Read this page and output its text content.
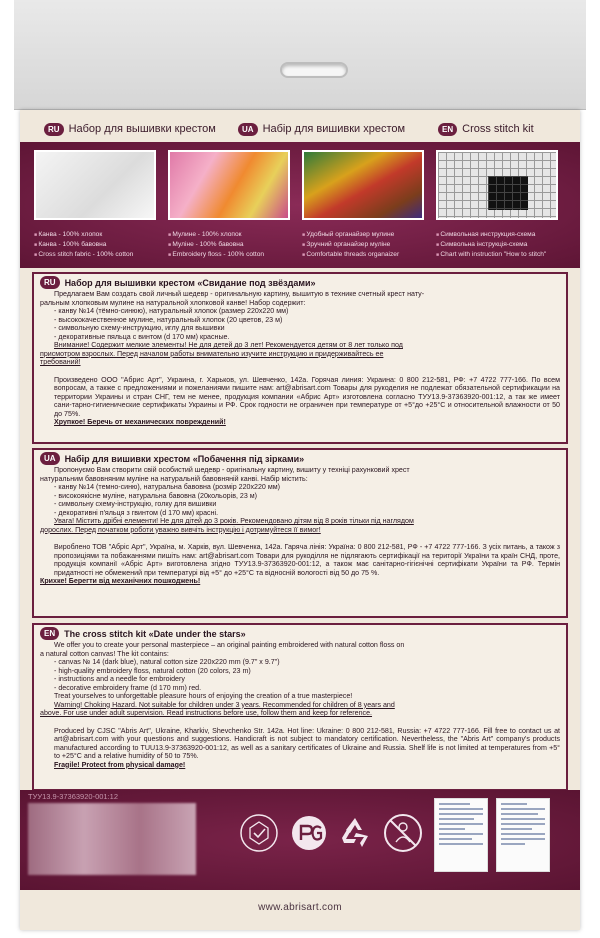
RU Набор для вышивки крестом	UA Набір для вишивки хрестом	EN Cross stitch kit
■ Канва - 100% хлопок
■ Канва - 100% бавовна
■ Cross stitch fabric - 100% cotton
■ Мулине - 100% хлопок
■ Мулiне - 100% бавовна
■ Embroidery floss - 100% cotton
■ Удобный органайзер мулине
■ Зручний органайзер мулiне
■ Comfortable threads organaizer
■ Символьная инструкция-схема
■ Символьна iнструкцiя-схема
■ Chart with instruction "How to stitch"
RU	Набор для вышивки крестом «Свидание под звёздами»
Предлагаем Вам создать свой личный шедевр - оригинальную картину, вышитую в технике счетный крест нату-
ральным хлопковым мулине на натуральной хлопковой канве! Набор содержит:
- канву №14 (тёмно-синюю), натуральный хлопок (размер 220х220 мм)
- высококачественное мулине, натуральный хлопок (20 цветов, 23 м)
- символьную схему-инструкцию, иглу для вышивки
- декоративные пяльца с винтом (d 170 мм) красные.
Внимание! Содержит мелкие элементы! Не для детей до 3 лет! Рекомендуется детям от 8 лет только под
присмотром взрослых. Перед началом работы внимательно изучите инструкцию и придерживайтесь ее
требований!
Произведено ООО "Абрис Арт", Украина, г. Харьков, ул. Шевченко, 142а. Горячая линия: Украина: 0 800 212-581, РФ: +7 4722 777-166. По всем вопросам, а также с предложениями и пожеланиями пишите нам: art@abrisart.com Товары для рукоделия не подлежат обязательной сертификации на территории Украины и стран СНГ, тем не менее, продукция компании «Абрис Арт» изготовлена согласно ТУУ13.9-37363920-001:12, а так же имеет сани-тарно-гигиенические сертификаты Украины и РФ. Срок годности не ограничен при температуре от +5°до +25°С и относительной влажности от 50 до 75%.
Хрупкое! Беречь от механических повреждений!
UA	Набір для вишивки хрестом «Побачення під зірками»
Пропонуємо Вам створити свій особистий шедевр - оригінальну картину, вишиту у техніці рахунковий хрест
натуральним бавовняним муліне на натуральній бавовняній канві. Набір містить:
- канву №14 (темно-синю), натуральна бавовна (розмір 220х220 мм)
- високоякісне муліне, натуральна бавовна (20кольорів, 23 м)
- символьну схему-інструкцію, голку для вишивки
- декоративні п'яльця з гвинтом (d 170 мм) красні.
Увага! Містить дрібні елементи! Не для дітей до 3 років. Рекомендовано дітям від 8 років тільки під наглядом
дорослих. Перед початком роботи уважно вивчіть інструкцію і дотримуйтеся її вимог!
Виробленo ТОВ "Абріс Арт", Україна, м. Харків, вул. Шевченка, 142а. Гаряча лінія: Україна: 0 800 212-581, РФ - +7 4722 777-166. З усіх питань, а також з пропозиціями та побажаннями пишіть нам: art@abrisart.com Товари для рукоділля не підлягають сертифікації на території України та країн СНД, проте, продукція компанії «Абріс Арт» виготовлена згідно ТУУ13.9-37363920-001:12, а також має санітарно-гігієнічні сертифікати України та РФ. Термін придатності не обмежений при температурі від +5° до +25°С та відносній вологості від 50 до 75 %.
Крихке! Берегти від механічних пошкоджень!
EN	The cross stitch kit «Date under the stars»
We offer you to create your personal masterpiece – an original painting embroidered with natural cotton floss on
a natural cotton canvas! The kit contains:
- canvas № 14 (dark blue), natural cotton size 220x220 mm (9.7" x 9.7")
- high-quality embroidery floss, natural cotton (20 colors, 23 m)
- instructions and a needle for embroidery
- decorative embroidery frame (d 170 mm) red.
Treat yourselves to unforgettable pleasure hours of enjoying the creation of a true masterpiece!
Warning! Choking Hazard. Not suitable for children under 3 years. Recommended for children of 8 years and
above. For use under adult supervision. Read instructions before use, follow them and keep for reference.
Produced by CJSC "Abris Art", Ukraine, Kharkiv, Shevchenko Str. 142a. Hot line: Ukraine: 0 800 212-581, Russia: +7 4722 777-166. Fill free to contact us at art@abrisart.com with your questions and suggestions. Handicraft is not subject to mandatory certification. Nevertheless, the "Abris Art" company's products manufactured according to TUU13.9-37363920-001:12, as well as a sanitary certificates of Ukraine and Russia. Shelf life is not limited at temperatures from +5° to +25°C and a relative humidity of 50 to 75%.
Fragile! Protect from physical damage!
ТУУ13.9-37363920-001:12
www.abrisart.com
